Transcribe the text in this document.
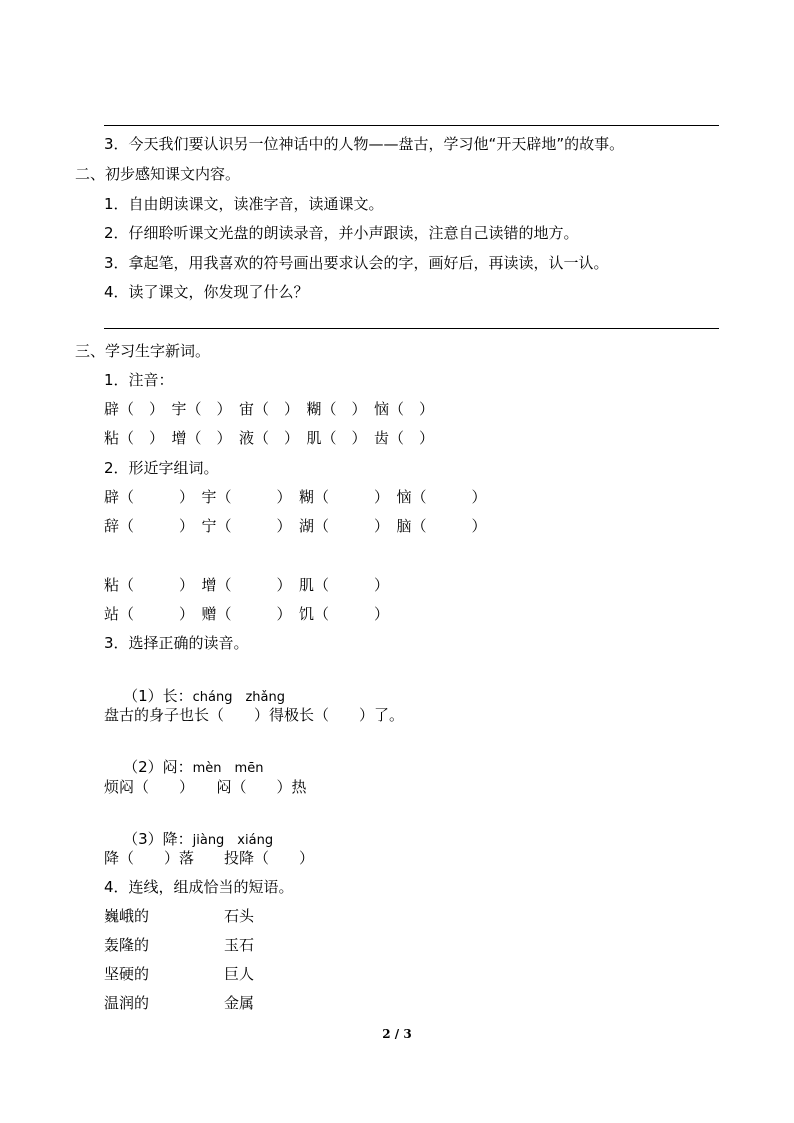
3．今天我们要认识另一位神话中的人物——盘古，学习他“开天辟地”的故事。
二、初步感知课文内容。
1．自由朗读课文，读准字音，读通课文。
2．仔细聆听课文光盘的朗读录音，并小声跟读，注意自己读错的地方。
3．拿起笔，用我喜欢的符号画出要求认会的字，画好后，再读读，认一认。
4．读了课文，你发现了什么？
三、学习生字新词。
1．注音：
辟（　）　宇（　）　宙（　）　糊（　）　恼（　）
粘（　）　增（　）　液（　）　肌（　）　齿（　）
2．形近字组词。
辟（　　　）　宇（　　　）　糊（　　　）　恼（　　　）
辞（　　　）　宁（　　　）　湖（　　　）　脑（　　　）
粘（　　　）　增（　　　）　肌（　　　）
站（　　　）　赠（　　　）　饥（　　　）
3．选择正确的读音。

（1）长：cháng　zhǎng

盘古的身子也长（　　）得极长（　　）了。

（2）闷：mèn　mēn

烦闷（　　）　　闷（　　）热

（3）降：jiàng　xiáng

降（　　）落　　投降（　　）
4．连线，组成恰当的短语。
巍峨的	石头
轰隆的	玉石
坚硬的	巨人
温润的	金属
2 / 3
